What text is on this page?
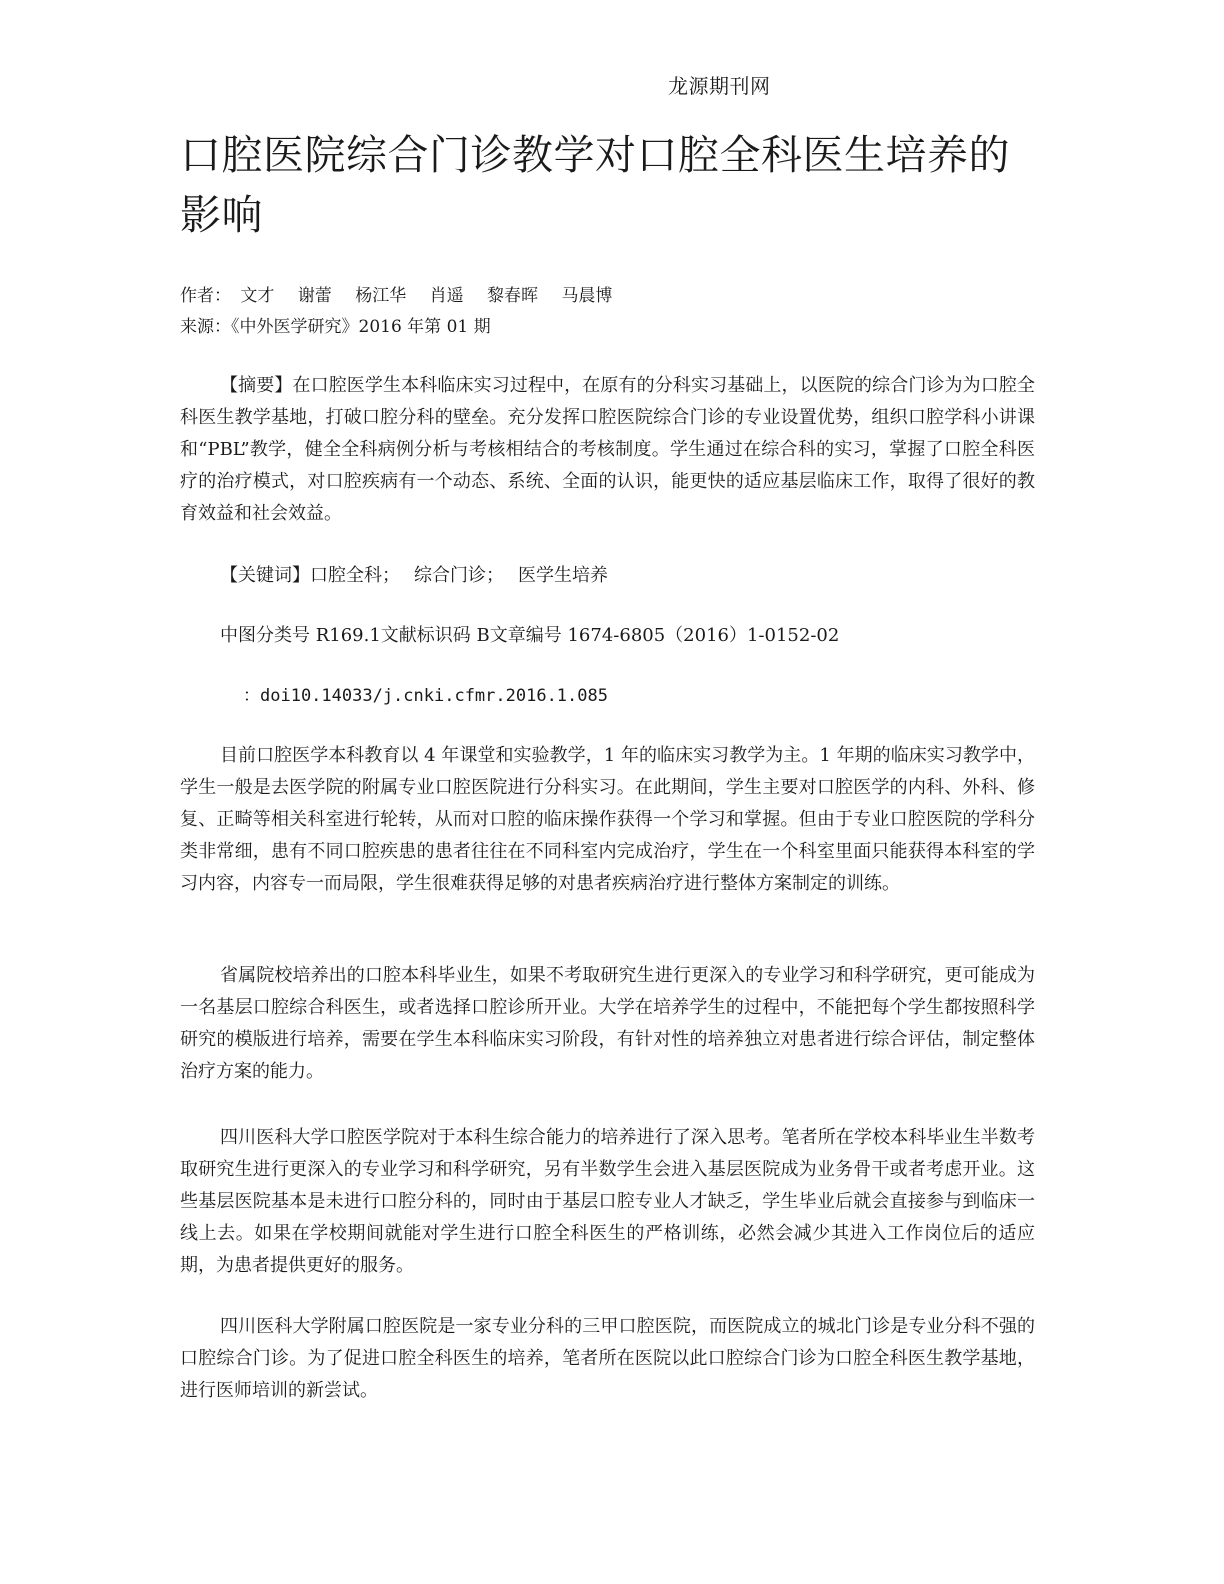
龙源期刊网
口腔医院综合门诊教学对口腔全科医生培养的影响
作者： 文才 谢蕾 杨江华 肖遥 黎春晖 马晨博
来源：《中外医学研究》2016 年第 01 期

【摘要】在口腔医学生本科临床实习过程中，在原有的分科实习基础上，以医院的综合门诊为为口腔全科医生教学基地，打破口腔分科的壁垒。充分发挥口腔医院综合门诊的专业设置优势，组织口腔学科小讲课和“PBL”教学，健全全科病例分析与考核相结合的考核制度。学生通过在综合科的实习，掌握了口腔全科医疗的治疗模式，对口腔疾病有一个动态、系统、全面的认识，能更快的适应基层临床工作，取得了很好的教育效益和社会效益。

【关键词】口腔全科； 综合门诊； 医学生培养

中图分类号 R169.1文献标识码 B文章编号 1674-6805（2016）1-0152-02

：doi10.14033/j.cnki.cfmr.2016.1.085

目前口腔医学本科教育以 4 年课堂和实验教学，1 年的临床实习教学为主。1 年期的临床实习教学中，学生一般是去医学院的附属专业口腔医院进行分科实习。在此期间，学生主要对口腔医学的内科、外科、修复、正畸等相关科室进行轮转，从而对口腔的临床操作获得一个学习和掌握。但由于专业口腔医院的学科分类非常细，患有不同口腔疾患的患者往往在不同科室内完成治疗，学生在一个科室里面只能获得本科室的学习内容，内容专一而局限，学生很难获得足够的对患者疾病治疗进行整体方案制定的训练。

省属院校培养出的口腔本科毕业生，如果不考取研究生进行更深入的专业学习和科学研究，更可能成为一名基层口腔综合科医生，或者选择口腔诊所开业。大学在培养学生的过程中，不能把每个学生都按照科学研究的模版进行培养，需要在学生本科临床实习阶段，有针对性的培养独立对患者进行综合评估，制定整体治疗方案的能力。

四川医科大学口腔医学院对于本科生综合能力的培养进行了深入思考。笔者所在学校本科毕业生半数考取研究生进行更深入的专业学习和科学研究，另有半数学生会进入基层医院成为业务骨干或者考虑开业。这些基层医院基本是未进行口腔分科的，同时由于基层口腔专业人才缺乏，学生毕业后就会直接参与到临床一线上去。如果在学校期间就能对学生进行口腔全科医生的严格训练，必然会减少其进入工作岗位后的适应期，为患者提供更好的服务。

四川医科大学附属口腔医院是一家专业分科的三甲口腔医院，而医院成立的城北门诊是专业分科不强的口腔综合门诊。为了促进口腔全科医生的培养，笔者所在医院以此口腔综合门诊为口腔全科医生教学基地，进行医师培训的新尝试。
